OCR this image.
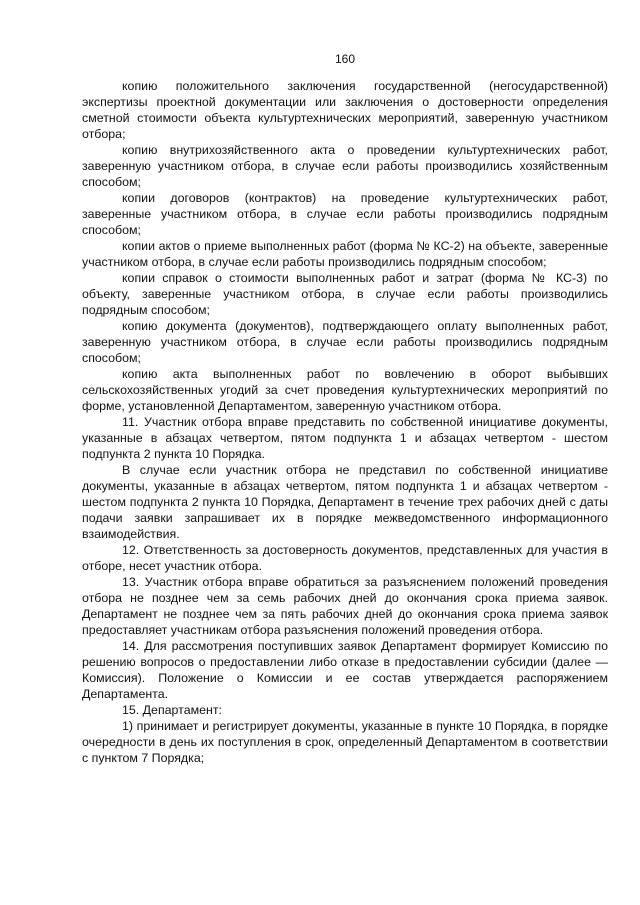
160

копию положительного заключения государственной (негосударственной) экспертизы проектной документации или заключения о достоверности определения сметной стоимости объекта культуртехнических мероприятий, заверенную участником отбора;

копию внутрихозяйственного акта о проведении культуртехнических работ, заверенную участником отбора, в случае если работы производились хозяйственным способом;

копии договоров (контрактов) на проведение культуртехнических работ, заверенные участником отбора, в случае если работы производились подрядным способом;

копии актов о приеме выполненных работ (форма № КС-2) на объекте, заверенные участником отбора, в случае если работы производились подрядным способом;

копии справок о стоимости выполненных работ и затрат (форма № КС-3) по объекту, заверенные участником отбора, в случае если работы производились подрядным способом;

копию документа (документов), подтверждающего оплату выполненных работ, заверенную участником отбора, в случае если работы производились подрядным способом;

копию акта выполненных работ по вовлечению в оборот выбывших сельскохозяйственных угодий за счет проведения культуртехнических мероприятий по форме, установленной Департаментом, заверенную участником отбора.

11. Участник отбора вправе представить по собственной инициативе документы, указанные в абзацах четвертом, пятом подпункта 1 и абзацах четвертом - шестом подпункта 2 пункта 10 Порядка.

В случае если участник отбора не представил по собственной инициативе документы, указанные в абзацах четвертом, пятом подпункта 1 и абзацах четвертом - шестом подпункта 2 пункта 10 Порядка, Департамент в течение трех рабочих дней с даты подачи заявки запрашивает их в порядке межведомственного информационного взаимодействия.

12. Ответственность за достоверность документов, представленных для участия в отборе, несет участник отбора.

13. Участник отбора вправе обратиться за разъяснением положений проведения отбора не позднее чем за семь рабочих дней до окончания срока приема заявок. Департамент не позднее чем за пять рабочих дней до окончания срока приема заявок предоставляет участникам отбора разъяснения положений проведения отбора.

14. Для рассмотрения поступивших заявок Департамент формирует Комиссию по решению вопросов о предоставлении либо отказе в предоставлении субсидии (далее — Комиссия). Положение о Комиссии и ее состав утверждается распоряжением Департамента.

15. Департамент:

1) принимает и регистрирует документы, указанные в пункте 10 Порядка, в порядке очередности в день их поступления в срок, определенный Департаментом в соответствии с пунктом 7 Порядка;
